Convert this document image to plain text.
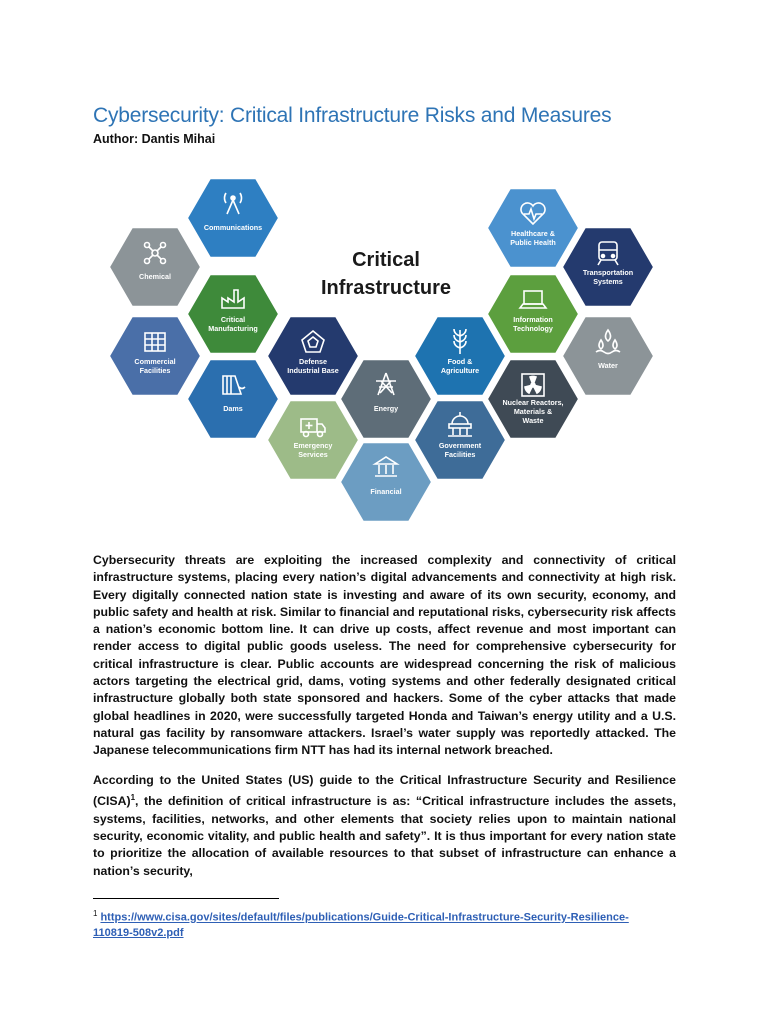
Cybersecurity: Critical Infrastructure Risks and Measures
Author: Dantis Mihai
Critical
Infrastructure
Communications
Chemical
Critical
Manufacturing
Commercial
Facilities
Defense
Industrial Base
Dams
Emergency
Services
Energy
Financial
Food &
Agriculture
Government
Facilities
Healthcare &
Public Health
Transportation
Systems
Information
Technology
Water
Nuclear Reactors,
Materials &
Waste

Cybersecurity threats are exploiting the increased complexity and connectivity of critical infrastructure systems, placing every nation’s digital advancements and connectivity at high risk. Every digitally connected nation state is investing and aware of its own security, economy, and public safety and health at risk. Similar to financial and reputational risks, cybersecurity risk affects a nation’s economic bottom line. It can drive up costs, affect revenue and most important can render access to digital public goods useless. The need for comprehensive cybersecurity for critical infrastructure is clear. Public accounts are widespread concerning the risk of malicious actors targeting the electrical grid, dams, voting systems and other federally designated critical infrastructure globally both state sponsored and hackers. Some of the cyber attacks that made global headlines in 2020, were successfully targeted Honda and Taiwan’s energy utility and a U.S. natural gas facility by ransomware attackers. Israel’s water supply was reportedly attacked. The Japanese telecommunications firm NTT has had its internal network breached.

According to the United States (US) guide to the Critical Infrastructure Security and Resilience (CISA)$^1$, the definition of critical infrastructure is as: “Critical infrastructure includes the assets, systems, facilities, networks, and other elements that society relies upon to maintain national security, economic vitality, and public health and safety”. It is thus important for every nation state to prioritize the allocation of available resources to that subset of infrastructure can enhance a nation’s security,

$^1$ https://www.cisa.gov/sites/default/files/publications/Guide-Critical-Infrastructure-Security-Resilience-110819-508v2.pdf
